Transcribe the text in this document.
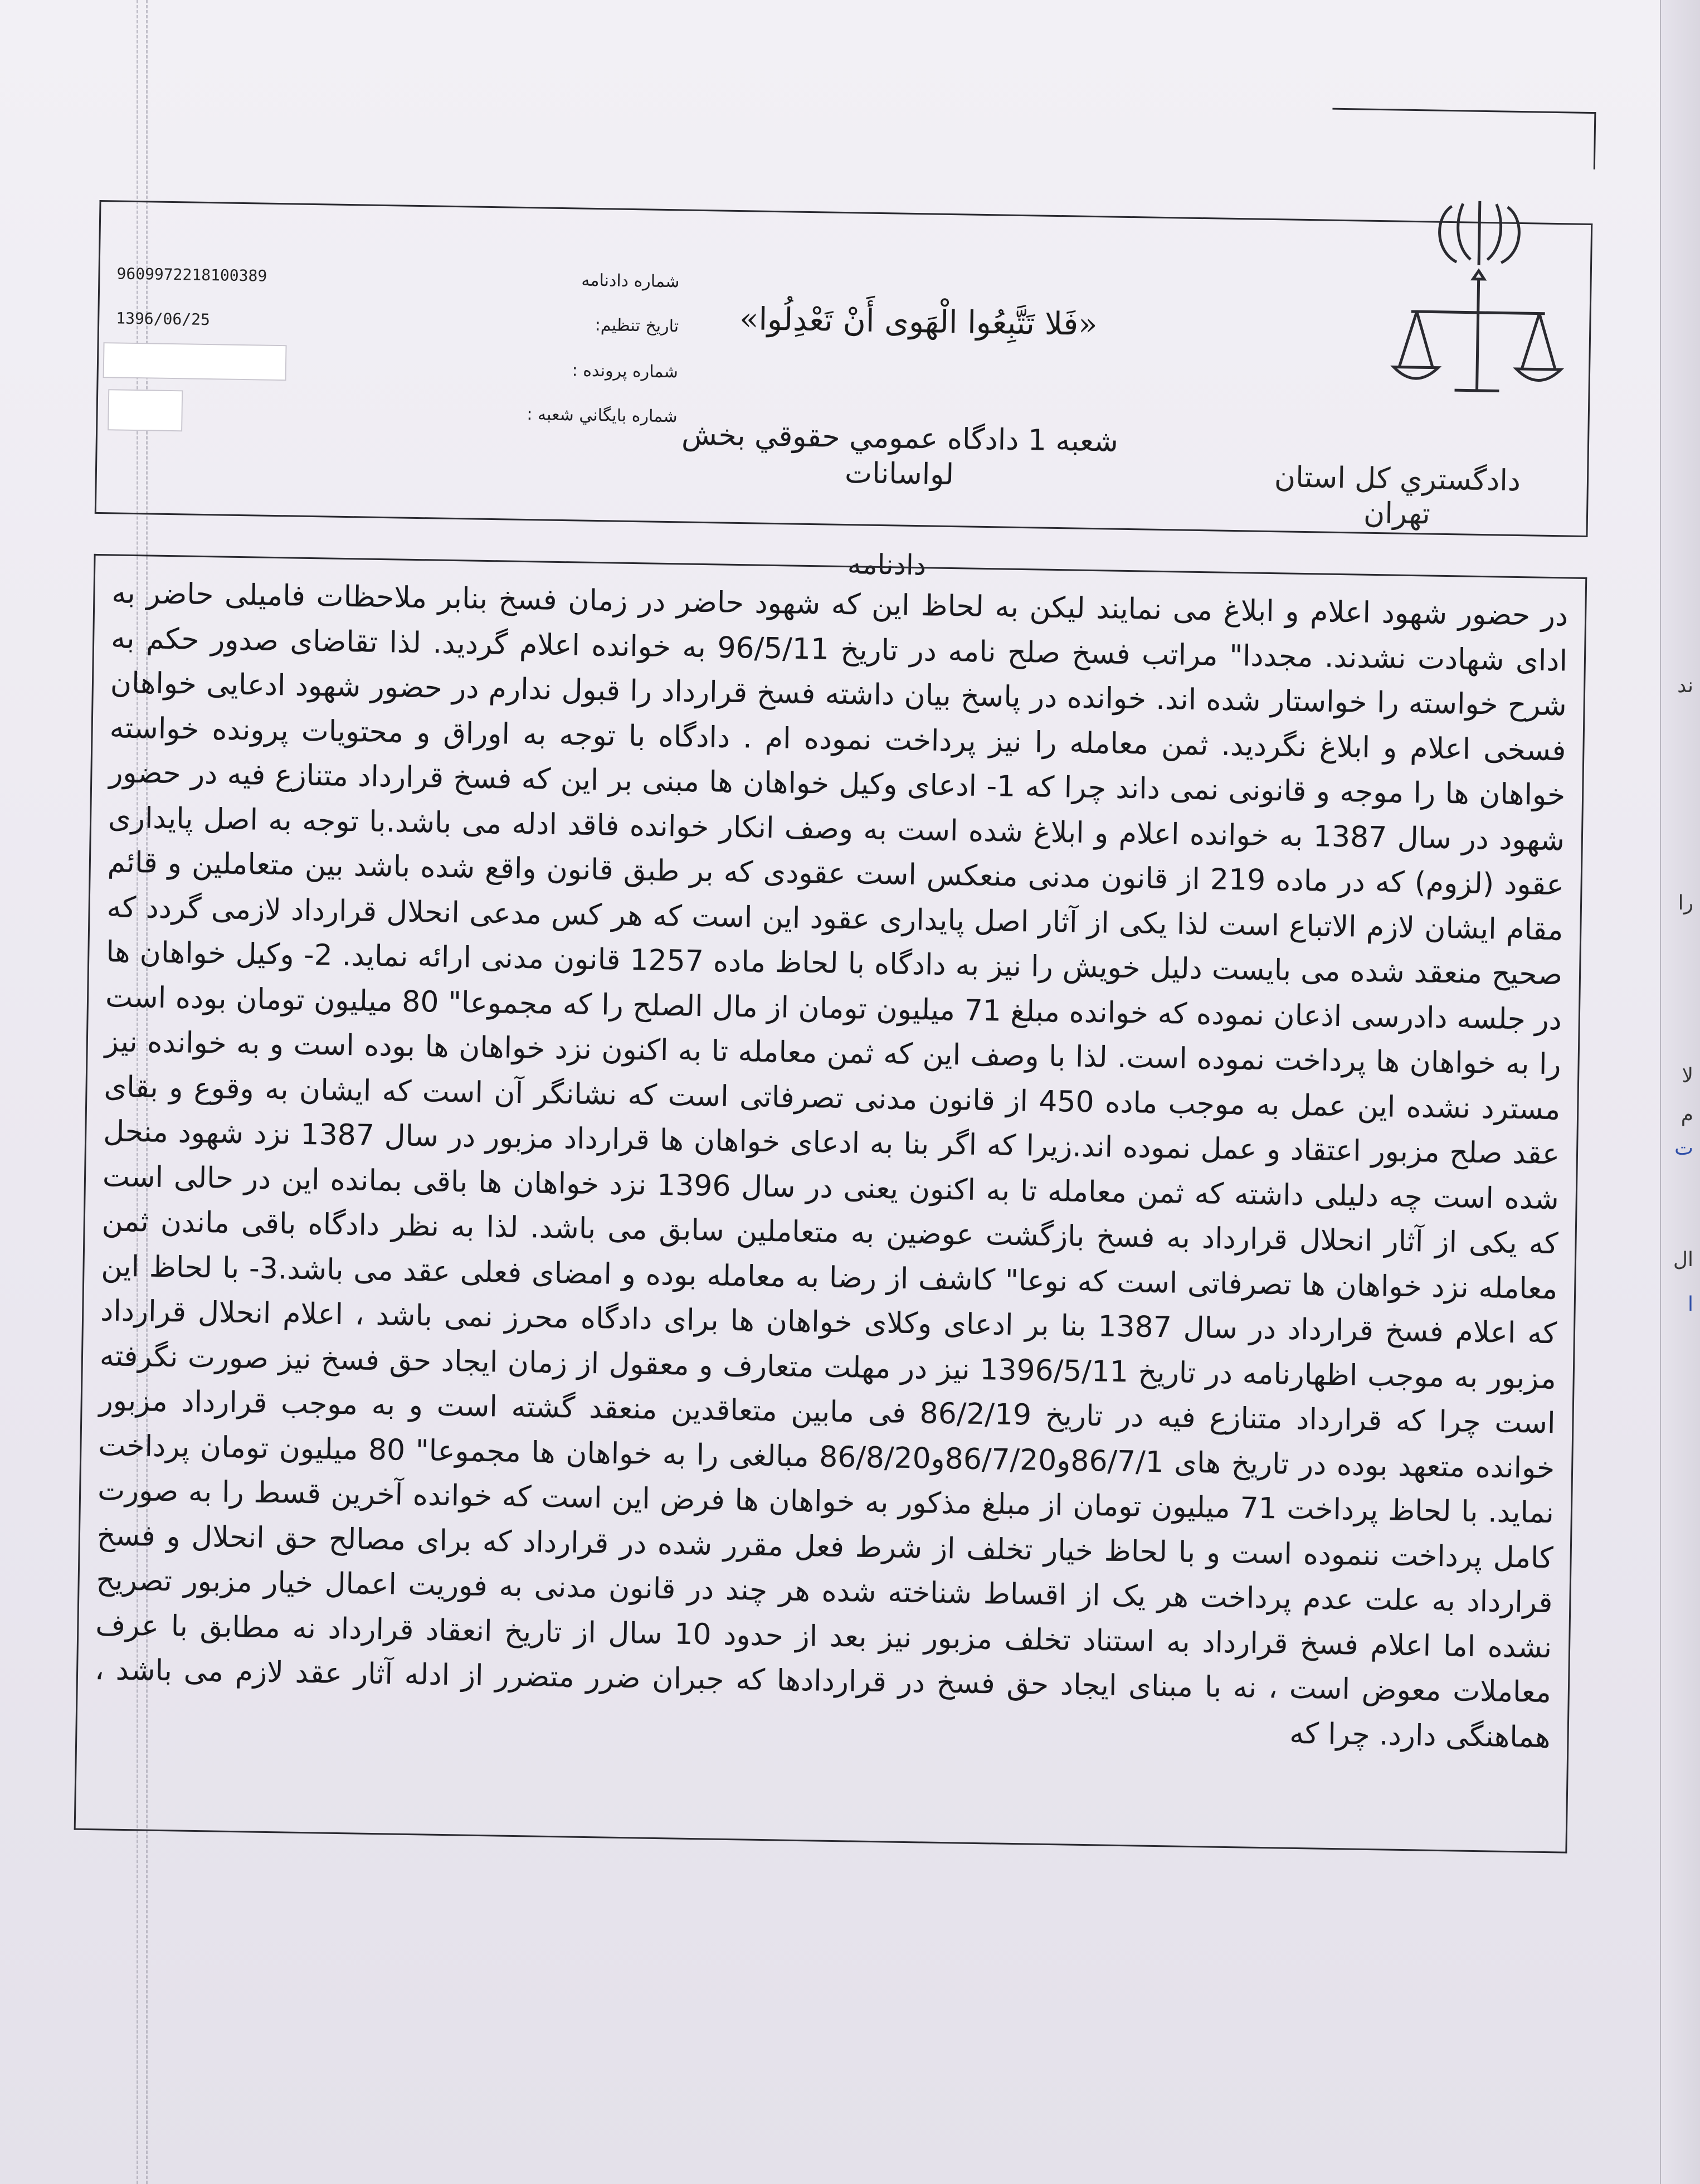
ند
را
لا
م
ت
ال
ا
دادگستري کل استان
تهران
«فَلا تَتَّبِعُوا الْهَوى أَنْ تَعْدِلُوا»
شعبه 1 دادگاه عمومي حقوقي بخش
لواسانات
دادنامه
شماره دادنامه
9609972218100389
تاريخ تنظيم:
1396/06/25
شماره پرونده :
شماره بايگاني شعبه :
در حضور شهود اعلام و ابلاغ می نمایند لیکن به لحاظ این که شهود حاضر در زمان فسخ بنابر ملاحظات فامیلی حاضر به ادای شهادت نشدند. مجددا" مراتب فسخ صلح نامه در تاریخ 96/5/11 به خوانده اعلام گردید. لذا تقاضای صدور حکم به شرح خواسته را خواستار شده اند. خوانده در پاسخ بیان داشته فسخ قرارداد را قبول ندارم در حضور شهود ادعایی خواهان فسخی اعلام و ابلاغ نگردید. ثمن معامله را نیز پرداخت نموده ام . دادگاه با توجه به اوراق و محتویات پرونده خواسته خواهان ها را موجه و قانونی نمی داند چرا که 1- ادعای وکیل خواهان ها مبنی بر این که فسخ قرارداد متنازع فیه در حضور شهود در سال 1387 به خوانده اعلام و ابلاغ شده است به وصف انکار خوانده فاقد ادله می باشد.با توجه به اصل پایداری عقود (لزوم) که در ماده 219 از قانون مدنی منعکس است عقودی که بر طبق قانون واقع شده باشد بین متعاملین و قائم مقام ایشان لازم الاتباع است لذا یکی از آثار اصل پایداری عقود این است که هر کس مدعی انحلال قرارداد لازمی گردد که صحیح منعقد شده می بایست دلیل خویش را نیز به دادگاه با لحاظ ماده 1257 قانون مدنی ارائه نماید. 2- وکیل خواهان ها در جلسه دادرسی اذعان نموده که خوانده مبلغ 71 میلیون تومان از مال الصلح را که مجموعا" 80 میلیون تومان بوده است را به خواهان ها پرداخت نموده است. لذا با وصف این که ثمن معامله تا به اکنون نزد خواهان ها بوده است و به خوانده نیز مسترد نشده این عمل به موجب ماده 450 از قانون مدنی تصرفاتی است که نشانگر آن است که ایشان به وقوع و بقای عقد صلح مزبور اعتقاد و عمل نموده اند.زیرا که اگر بنا به ادعای خواهان ها قرارداد مزبور در سال 1387 نزد شهود منحل شده است چه دلیلی داشته که ثمن معامله تا به اکنون یعنی در سال 1396 نزد خواهان ها باقی بمانده این در حالی است که یکی از آثار انحلال قرارداد به فسخ بازگشت عوضین به متعاملین سابق می باشد. لذا به نظر دادگاه باقی ماندن ثمن معامله نزد خواهان ها تصرفاتی است که نوعا" کاشف از رضا به معامله بوده و امضای فعلی عقد می باشد.3- با لحاظ این که اعلام فسخ قرارداد در سال 1387 بنا بر ادعای وکلای خواهان ها برای دادگاه محرز نمی باشد ، اعلام انحلال قرارداد مزبور به موجب اظهارنامه در تاریخ 1396/5/11 نیز در مهلت متعارف و معقول از زمان ایجاد حق فسخ نیز صورت نگرفته است چرا که قرارداد متنازع فیه در تاریخ 86/2/19 فی مابین متعاقدین منعقد گشته است و به موجب قرارداد مزبور خوانده متعهد بوده در تاریخ های 86/7/1و86/7/20و86/8/20 مبالغی را به خواهان ها مجموعا" 80 میلیون تومان پرداخت نماید. با لحاظ پرداخت 71 میلیون تومان از مبلغ مذکور به خواهان ها فرض این است که خوانده آخرین قسط را به صورت کامل پرداخت ننموده است و با لحاظ خیار تخلف از شرط فعل مقرر شده در قرارداد که برای مصالح حق انحلال و فسخ قرارداد به علت عدم پرداخت هر یک از اقساط شناخته شده هر چند در قانون مدنی به فوریت اعمال خیار مزبور تصریح نشده اما اعلام فسخ قرارداد به استناد تخلف مزبور نیز بعد از حدود 10 سال از تاریخ انعقاد قرارداد نه مطابق با عرف معاملات معوض است ، نه با مبنای ایجاد حق فسخ در قراردادها که جبران ضرر متضرر از ادله آثار عقد لازم می باشد ، هماهنگی دارد. چرا که
